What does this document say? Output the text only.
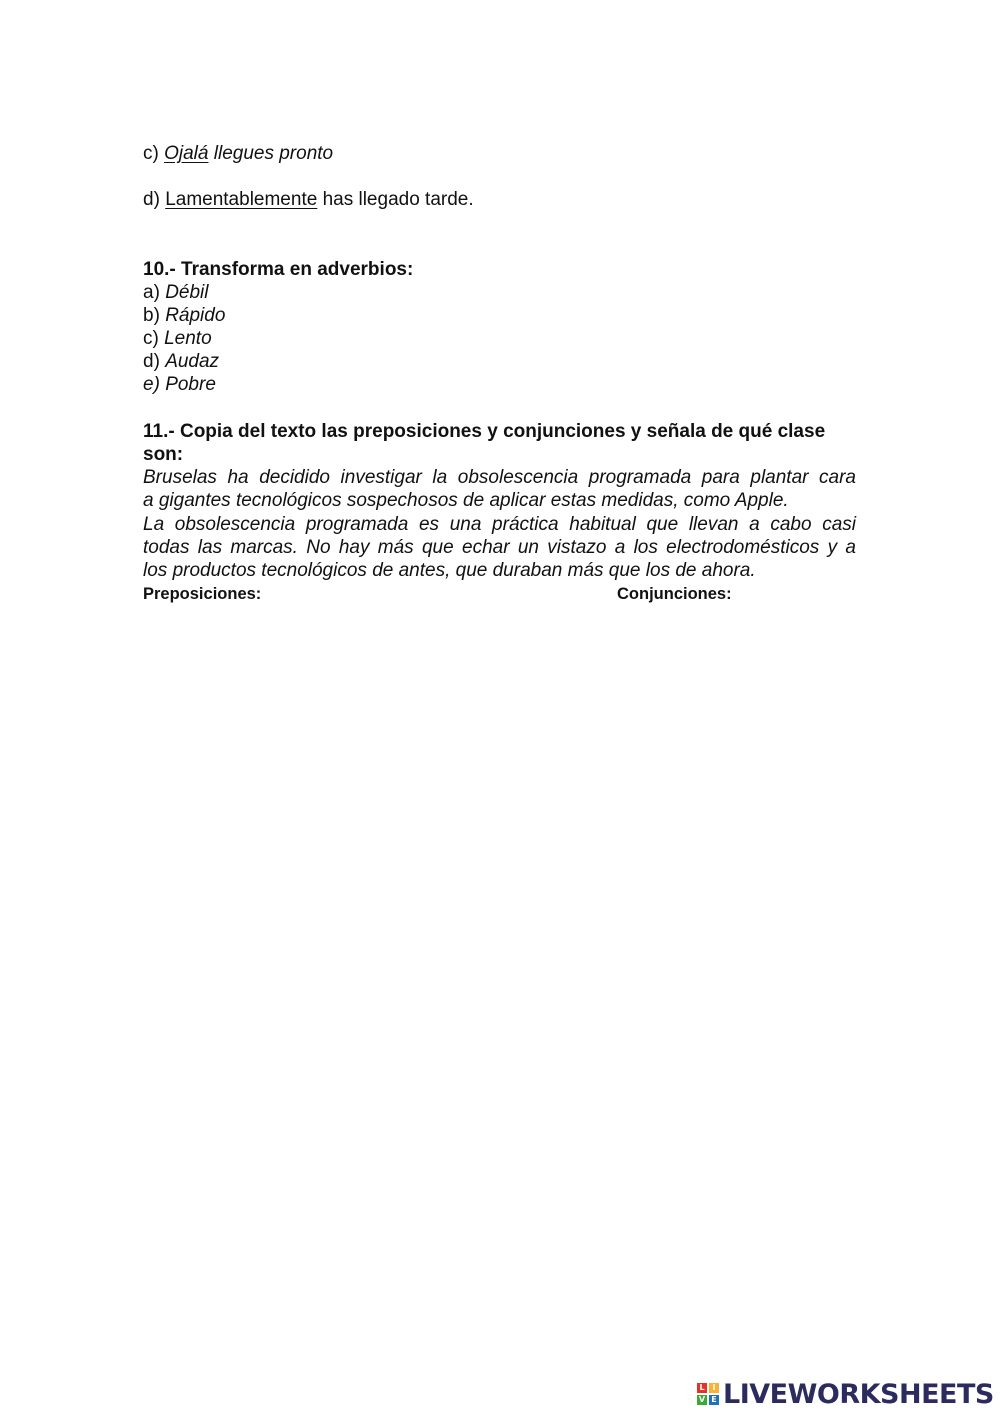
c) Ojalá llegues pronto

d) Lamentablemente has llegado tarde.

10.- Transforma en adverbios:

a) Débil

b) Rápido

c) Lento

d) Audaz

e) Pobre

11.- Copia del texto las preposiciones y conjunciones y señala de qué clase

son:

Bruselas ha decidido investigar la obsolescencia programada para plantar cara
a gigantes tecnológicos sospechosos de aplicar estas medidas, como Apple.
La obsolescencia programada es una práctica habitual que llevan a cabo casi
todas las marcas. No hay más que echar un vistazo a los electrodomésticos y a
los productos tecnológicos de antes, que duraban más que los de ahora.

Preposiciones:	Conjunciones:

L I
V E LIVEWORKSHEETS
